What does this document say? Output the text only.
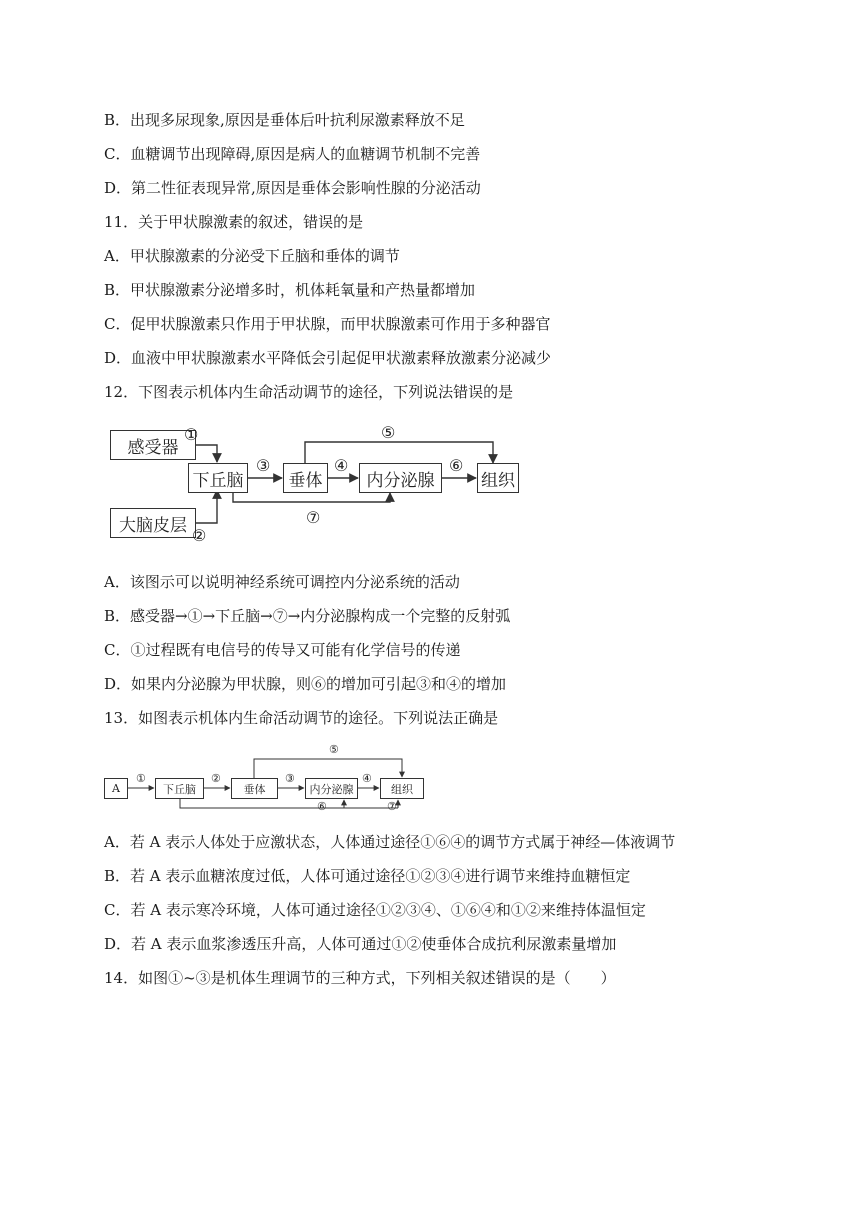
B．出现多尿现象,原因是垂体后叶抗利尿激素释放不足
C．血糖调节出现障碍,原因是病人的血糖调节机制不完善
D．第二性征表现异常,原因是垂体会影响性腺的分泌活动
11．关于甲状腺激素的叙述，错误的是
A．甲状腺激素的分泌受下丘脑和垂体的调节
B．甲状腺激素分泌增多时，机体耗氧量和产热量都增加
C．促甲状腺激素只作用于甲状腺，而甲状腺激素可作用于多种器官
D．血液中甲状腺激素水平降低会引起促甲状激素释放激素分泌减少
12．下图表示机体内生命活动调节的途径，下列说法错误的是
感受器
下丘脑	垂体	内分泌腺	组织
大脑皮层
①
②
③	④
⑤
⑥
⑦
A．该图示可以说明神经系统可调控内分泌系统的活动
B．感受器→①→下丘脑→⑦→内分泌腺构成一个完整的反射弧
C．①过程既有电信号的传导又可能有化学信号的传递
D．如果内分泌腺为甲状腺，则⑥的增加可引起③和④的增加
13．如图表示机体内生命活动调节的途径。下列说法正确是
A	下丘脑	垂体	内分泌腺	组织
①	②	③	④
⑤
⑥	⑦
A．若 A 表示人体处于应激状态，人体通过途径①⑥④的调节方式属于神经—体液调节
B．若 A 表示血糖浓度过低，人体可通过途径①②③④进行调节来维持血糖恒定
C．若 A 表示寒冷环境，人体可通过途径①②③④、①⑥④和①②来维持体温恒定
D．若 A 表示血浆渗透压升高，人体可通过①②使垂体合成抗利尿激素量增加
14．如图①~③是机体生理调节的三种方式，下列相关叙述错误的是（　　）
